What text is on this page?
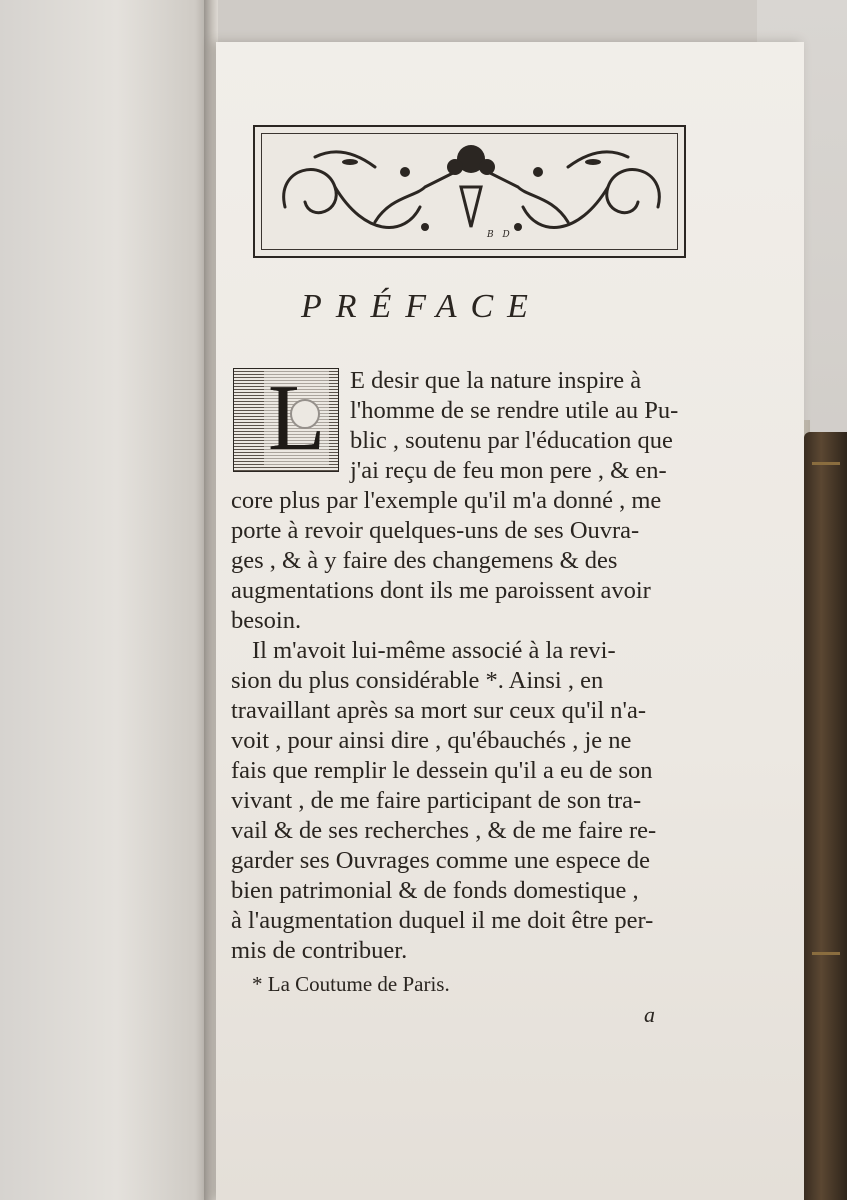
B D
PRÉFACE
L E desir que la nature inspire à
l'homme de se rendre utile au Pu-
blic , soutenu par l'éducation que
j'ai reçu de feu mon pere , & en-
core plus par l'exemple qu'il m'a donné , me
porte à revoir quelques-uns de ses Ouvra-
ges , & à y faire des changemens & des
augmentations dont ils me paroissent avoir
besoin.
Il m'avoit lui-même associé à la revi-
sion du plus considérable *. Ainsi , en
travaillant après sa mort sur ceux qu'il n'a-
voit , pour ainsi dire , qu'ébauchés , je ne
fais que remplir le dessein qu'il a eu de son
vivant , de me faire participant de son tra-
vail & de ses recherches , & de me faire re-
garder ses Ouvrages comme une espece de
bien patrimonial & de fonds domestique ,
à l'augmentation duquel il me doit être per-
mis de contribuer.
* La Coutume de Paris.
a
